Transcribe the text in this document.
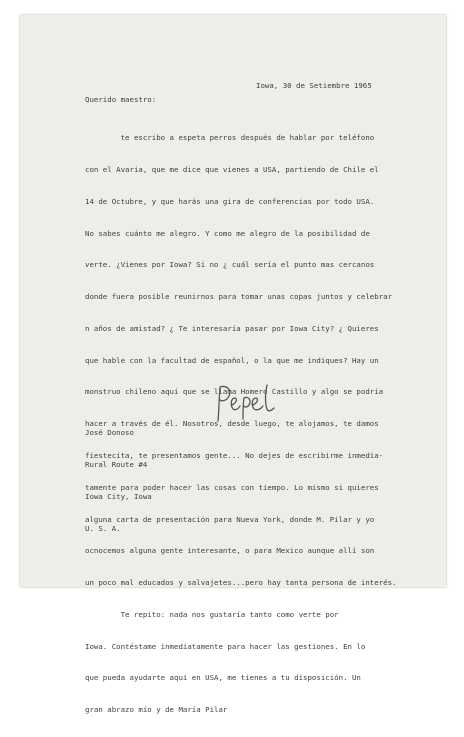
Iowa, 30 de Setiembre 1965
Querido maestro:

te escribo a espeta perros después de hablar por teléfono

con el Avaria, que me dice que vienes a USA, partiendo de Chile el

14 de Octubre, y que harás una gira de conferencias por todo USA.

No sabes cuánto me alegro. Y como me alegro de la posibilidad de

verte. ¿Vienes por Iowa? Si no ¿ cuál sería el punto mas cercanos

donde fuera posible reunirnos para tomar unas copas juntos y celebrar

n años de amistad? ¿ Te interesaría pasar por Iowa City? ¿ Quieres

que hable con la facultad de español, o la que me indiques? Hay un

monstruo chileno aquí que se llama Homero Castillo y algo se podría

hacer a través de él. Nosotros, desde luego, te alojamos, te damos

fiestecita, te presentamos gente... No dejes de escribirme inmedia-

tamente para poder hacer las cosas con tiempo. Lo mismo si quieres

alguna carta de presentación para Nueva York, donde M. Pilar y yo

ocnocemos alguna gente interesante, o para Mexico aunque allí son

un poco mal educados y salvajetes...pero hay tanta persona de interés.

Te repito: nada nos gustaría tanto como verte por

Iowa. Contéstame inmediatamente para hacer las gestiones. En lo

que pueda ayudarte aquí en USA, me tienes a tu disposición. Un

gran abrazo mío y de María Pilar

José Donoso

Rural Route #4

Iowa City, Iowa

U. S. A.
